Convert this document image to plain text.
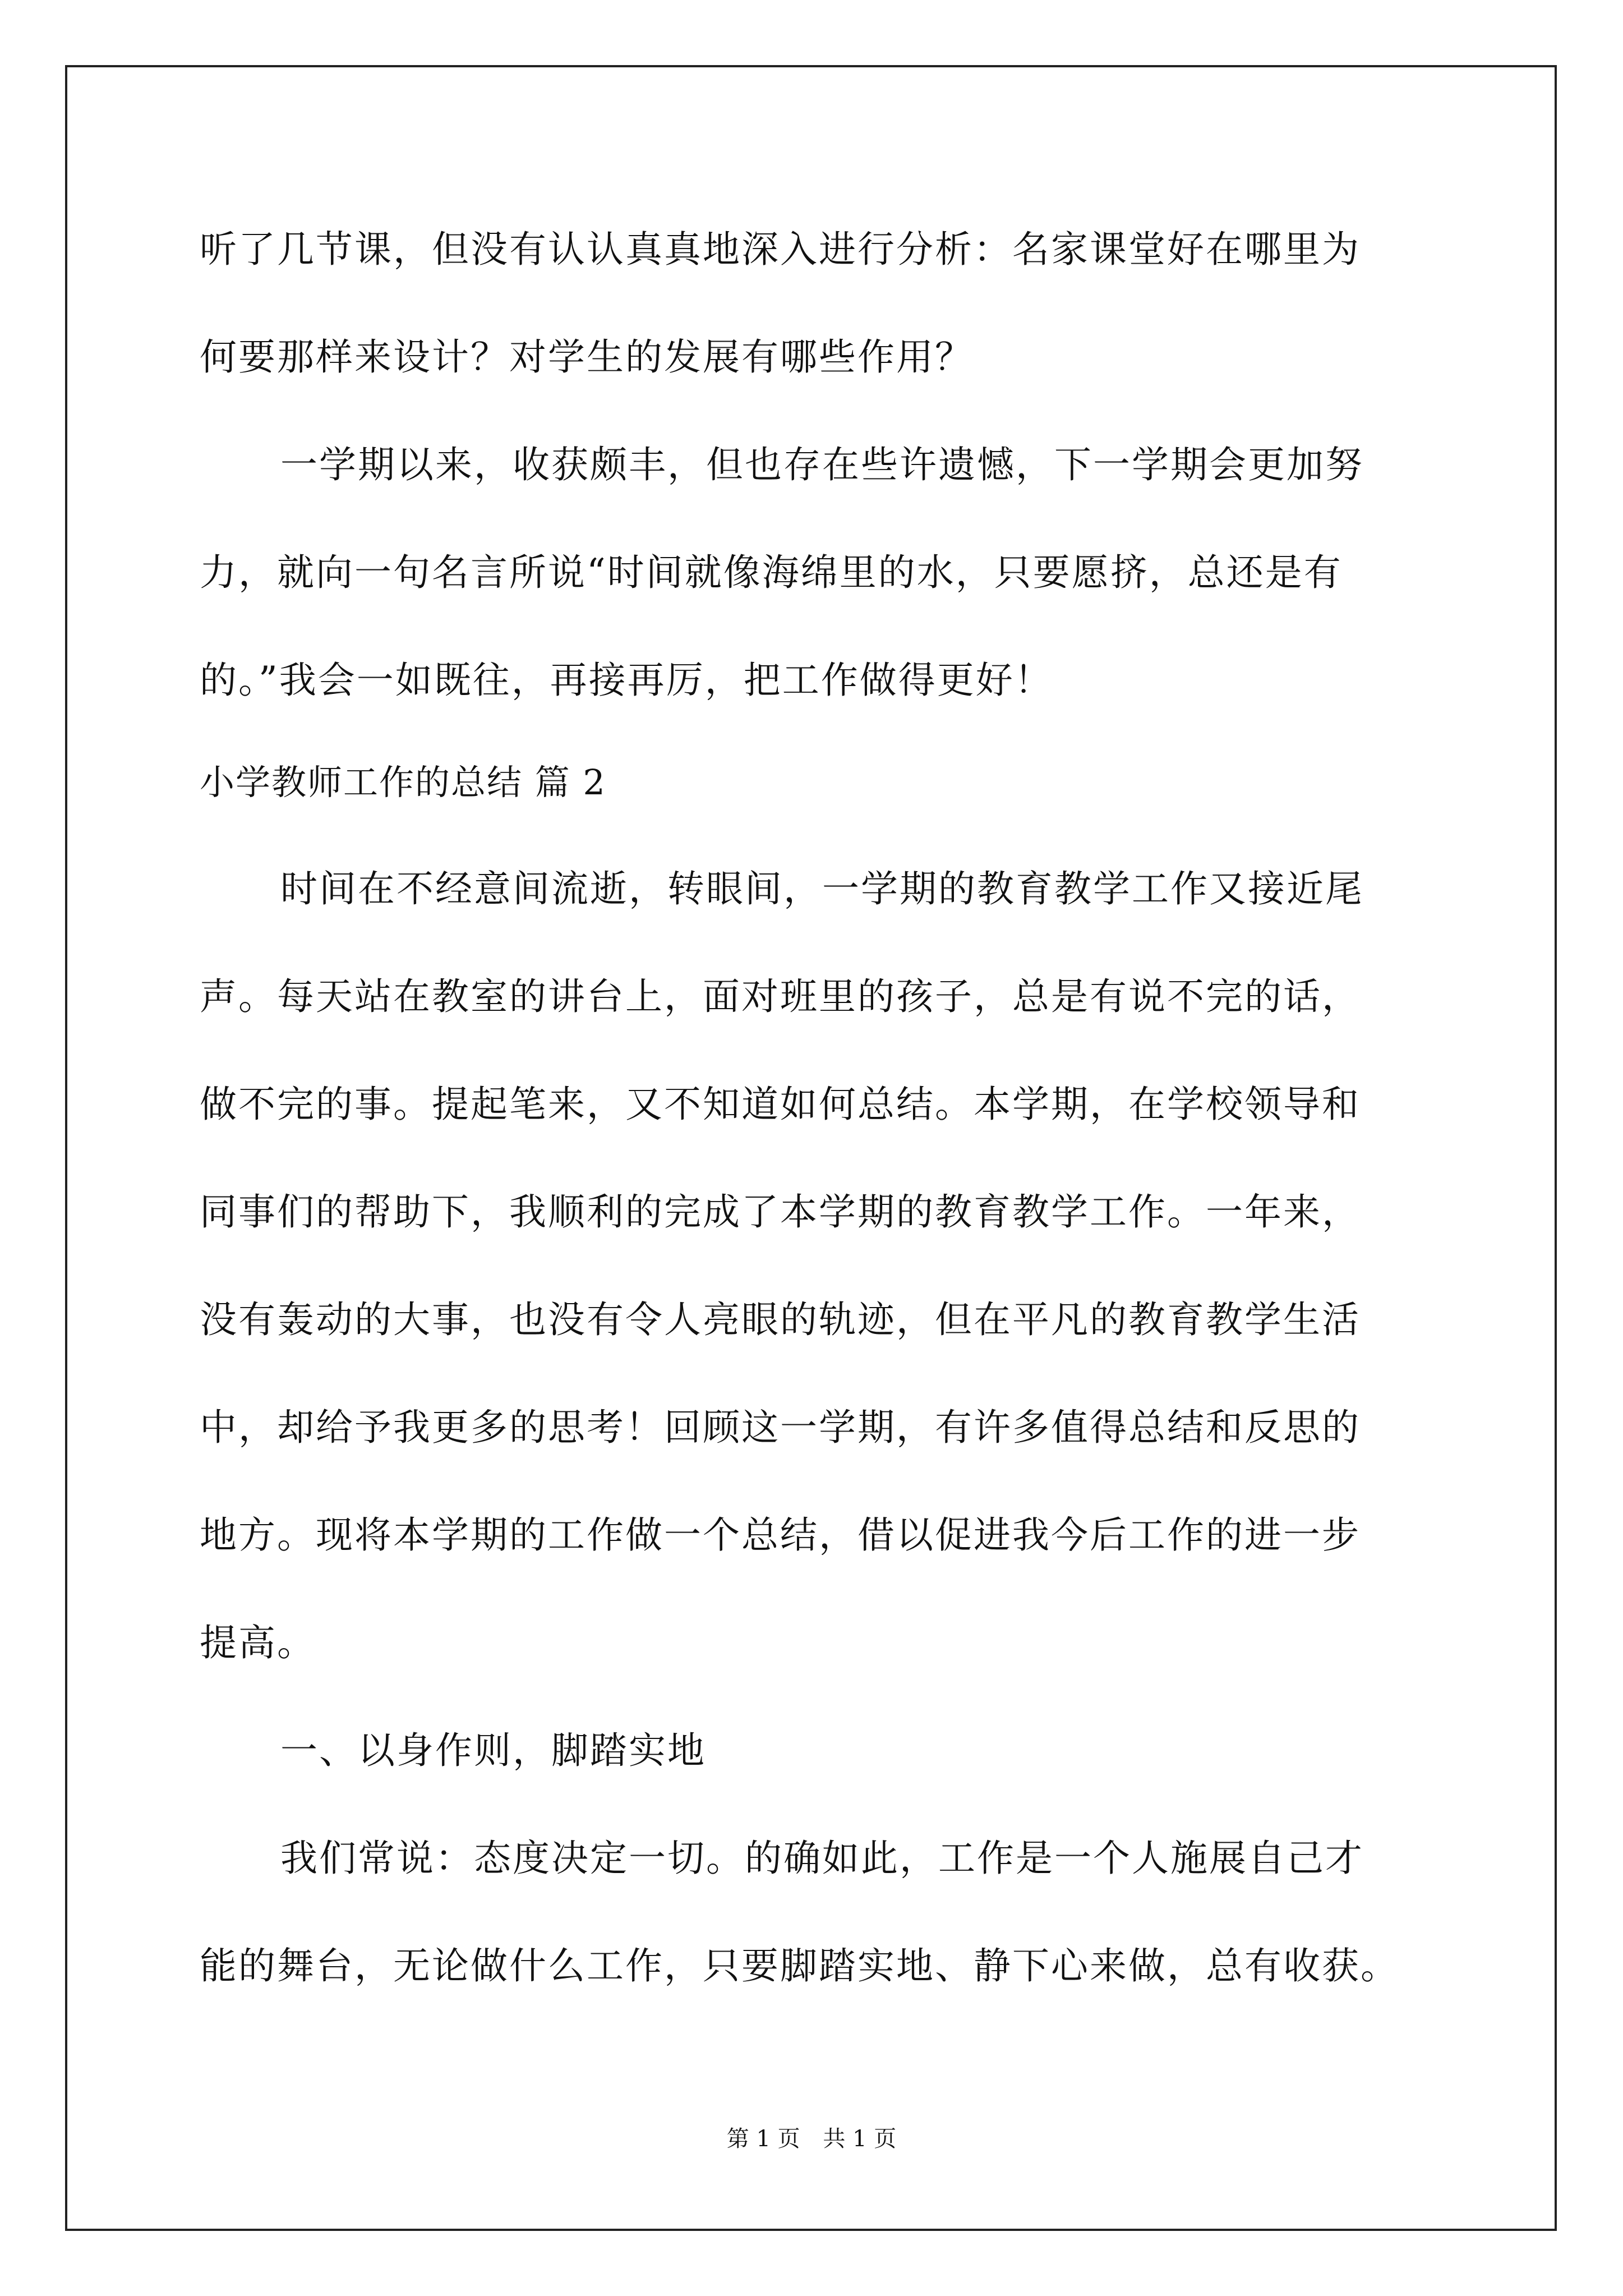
听了几节课，但没有认认真真地深入进行分析：名家课堂好在哪里为
何要那样来设计？对学生的发展有哪些作用？
一学期以来，收获颇丰，但也存在些许遗憾，下一学期会更加努
力，就向一句名言所说“时间就像海绵里的水，只要愿挤，总还是有
的。”我会一如既往，再接再厉，把工作做得更好！
小学教师工作的总结 篇 2
时间在不经意间流逝，转眼间，一学期的教育教学工作又接近尾
声。每天站在教室的讲台上，面对班里的孩子，总是有说不完的话，
做不完的事。提起笔来，又不知道如何总结。本学期，在学校领导和
同事们的帮助下，我顺利的完成了本学期的教育教学工作。一年来，
没有轰动的大事，也没有令人亮眼的轨迹，但在平凡的教育教学生活
中，却给予我更多的思考！回顾这一学期，有许多值得总结和反思的
地方。现将本学期的工作做一个总结，借以促进我今后工作的进一步
提高。
一、以身作则，脚踏实地
我们常说：态度决定一切。的确如此，工作是一个人施展自己才
能的舞台，无论做什么工作，只要脚踏实地、静下心来做，总有收获。
第 1 页 共 1 页
